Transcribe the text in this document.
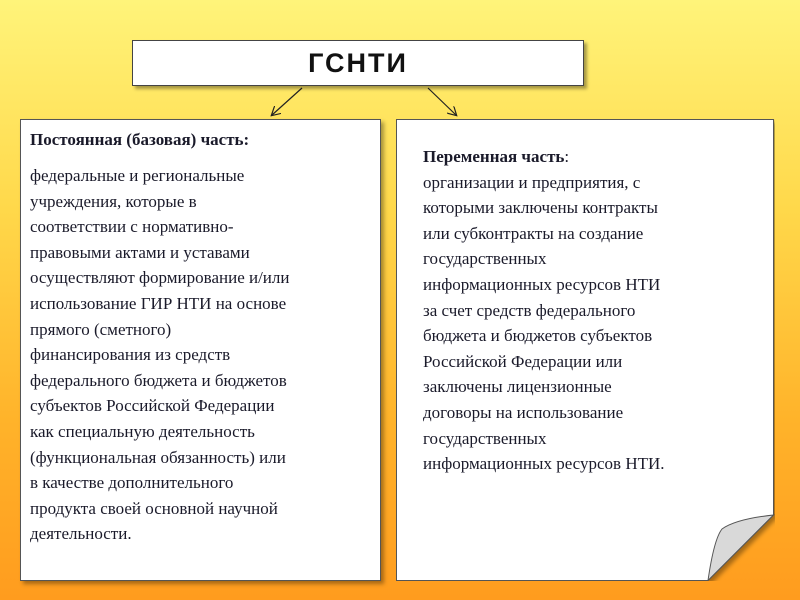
ГСНТИ
Постоянная (базовая) часть:
федеральные и региональные
учреждения, которые в
соответствии с нормативно-
правовыми актами и уставами
осуществляют формирование и/или
использование ГИР НТИ на основе
прямого (сметного)
финансирования из средств
федерального бюджета и бюджетов
субъектов Российской Федерации
как специальную деятельность
(функциональная обязанность) или
в качестве дополнительного
продукта своей основной научной
деятельности.
Переменная часть:
организации и предприятия, с
которыми заключены контракты
или субконтракты на создание
государственных
информационных ресурсов НТИ
за счет средств федерального
бюджета и бюджетов субъектов
Российской Федерации или
заключены лицензионные
договоры на использование
государственных
информационных ресурсов НТИ.
